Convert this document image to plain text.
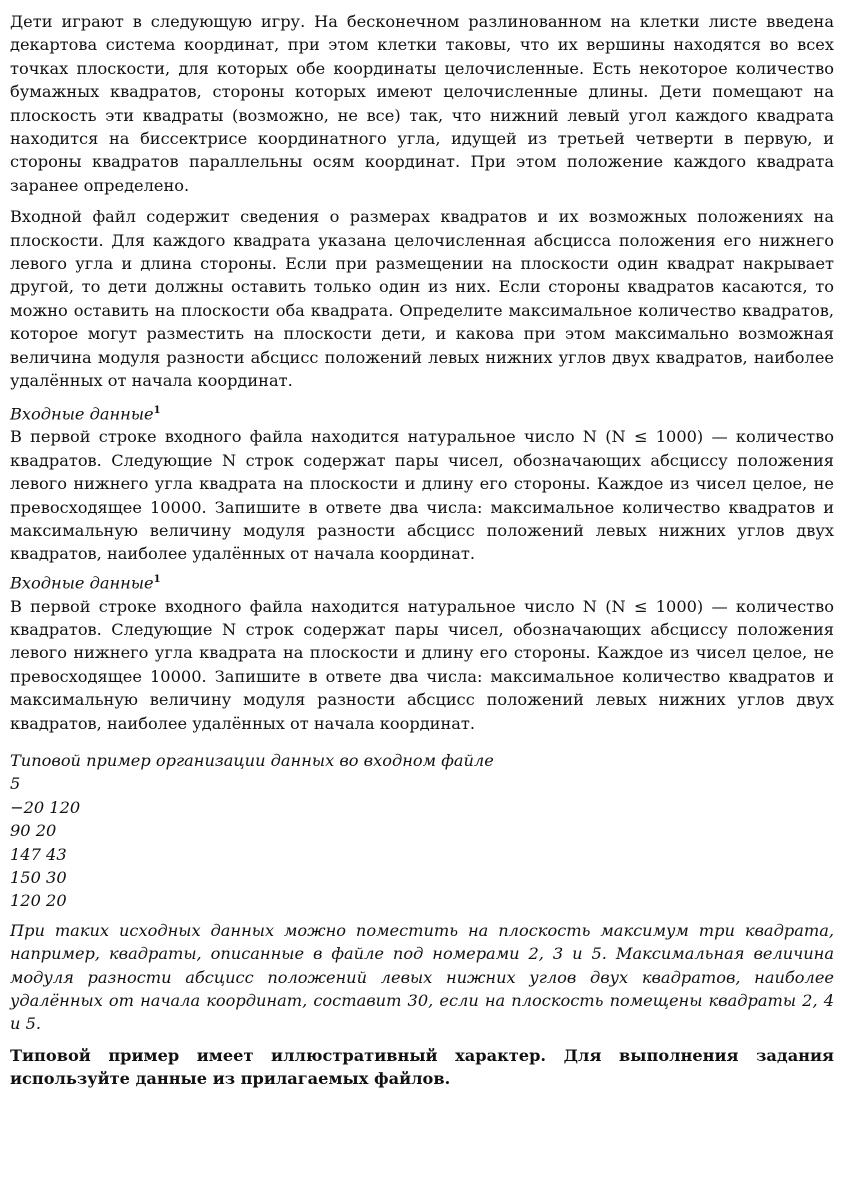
Дети играют в следующую игру. На бесконечном разлинованном на клетки листе введена декартова система координат, при этом клетки таковы, что их вершины находятся во всех точках плоскости, для которых обе координаты целочисленные. Есть некоторое количество бумажных квадратов, стороны которых имеют целочисленные длины. Дети помещают на плоскость эти квадраты (возможно, не все) так, что нижний левый угол каждого квадрата находится на биссектрисе координатного угла, идущей из третьей четверти в первую, и стороны квадратов параллельны осям координат. При этом положение каждого квадрата заранее определено.

Входной файл содержит сведения о размерах квадратов и их возможных положениях на плоскости. Для каждого квадрата указана целочисленная абсцисса положения его нижнего левого угла и длина стороны. Если при размещении на плоскости один квадрат накрывает другой, то дети должны оставить только один из них. Если стороны квадратов касаются, то можно оставить на плоскости оба квадрата. Определите максимальное количество квадратов, которое могут разместить на плоскости дети, и какова при этом максимально возможная величина модуля разности абсцисс положений левых нижних углов двух квадратов, наиболее удалённых от начала координат.

Входные данные$^1$

В первой строке входного файла находится натуральное число N (N ≤ 1000) — количество квадратов. Следующие N строк содержат пары чисел, обозначающих абсциссу положения левого нижнего угла квадрата на плоскости и длину его стороны. Каждое из чисел целое, не превосходящее 10000. Запишите в ответе два числа: максимальное количество квадратов и максимальную величину модуля разности абсцисс положений левых нижних углов двух квадратов, наиболее удалённых от начала координат.

Входные данные$^1$

В первой строке входного файла находится натуральное число N (N ≤ 1000) — количество квадратов. Следующие N строк содержат пары чисел, обозначающих абсциссу положения левого нижнего угла квадрата на плоскости и длину его стороны. Каждое из чисел целое, не превосходящее 10000. Запишите в ответе два числа: максимальное количество квадратов и максимальную величину модуля разности абсцисс положений левых нижних углов двух квадратов, наиболее удалённых от начала координат.

Типовой пример организации данных во входном файле
5
−20 120
90 20
147 43
150 30
120 20

При таких исходных данных можно поместить на плоскость максимум три квадрата, например, квадраты, описанные в файле под номерами 2, 3 и 5. Максимальная величина модуля разности абсцисс положений левых нижних углов двух квадратов, наиболее удалённых от начала координат, составит 30, если на плоскость помещены квадраты 2, 4 и 5.

Типовой пример имеет иллюстративный характер. Для выполнения задания используйте данные из прилагаемых файлов.
